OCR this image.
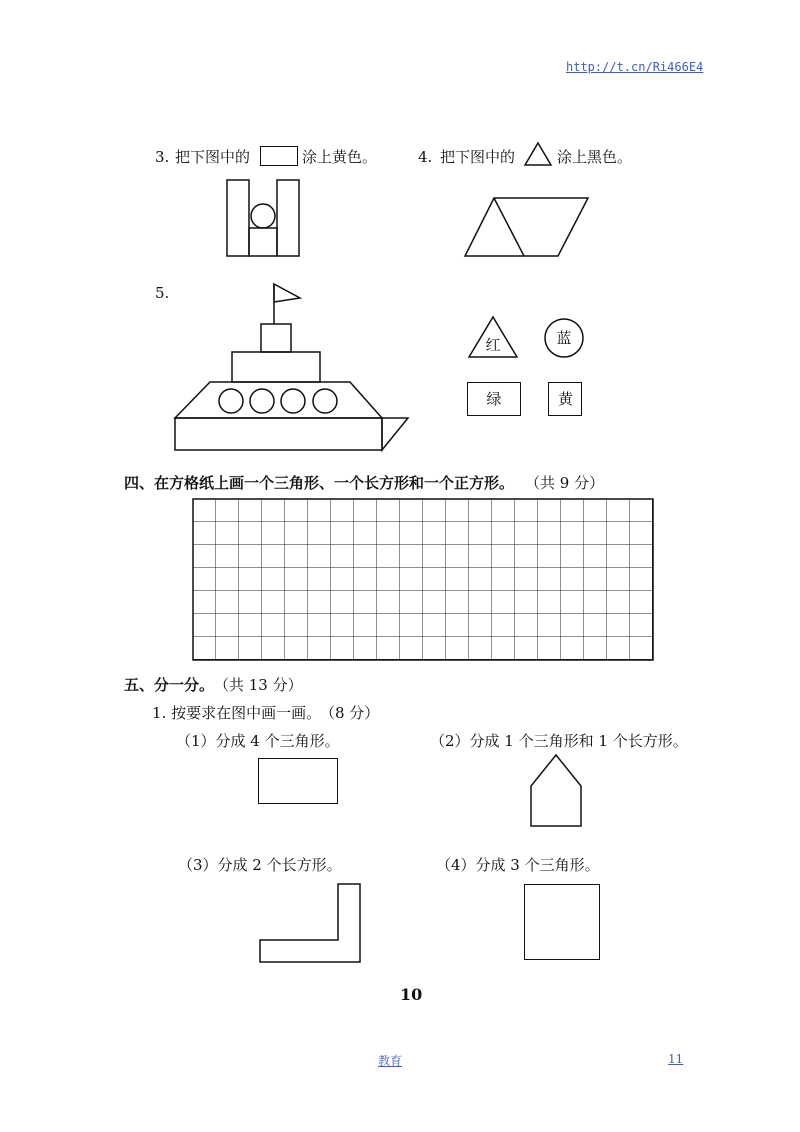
http://t.cn/Ri466E4
3. 把下图中的	涂上黄色。	4. 把下图中的	涂上黑色。
5.
红	蓝
绿	黄
四、在方格纸上画一个三角形、一个长方形和一个正方形。 （共 9 分）
五、分一分。 （共 13 分）
1. 按要求在图中画一画。
（8 分）
（1）分成 4 个三角形。	（2）分成 1 个三角形和 1 个长方形。
（3）分成 2 个长方形。	（4）分成 3 个三角形。
10
教育	11
